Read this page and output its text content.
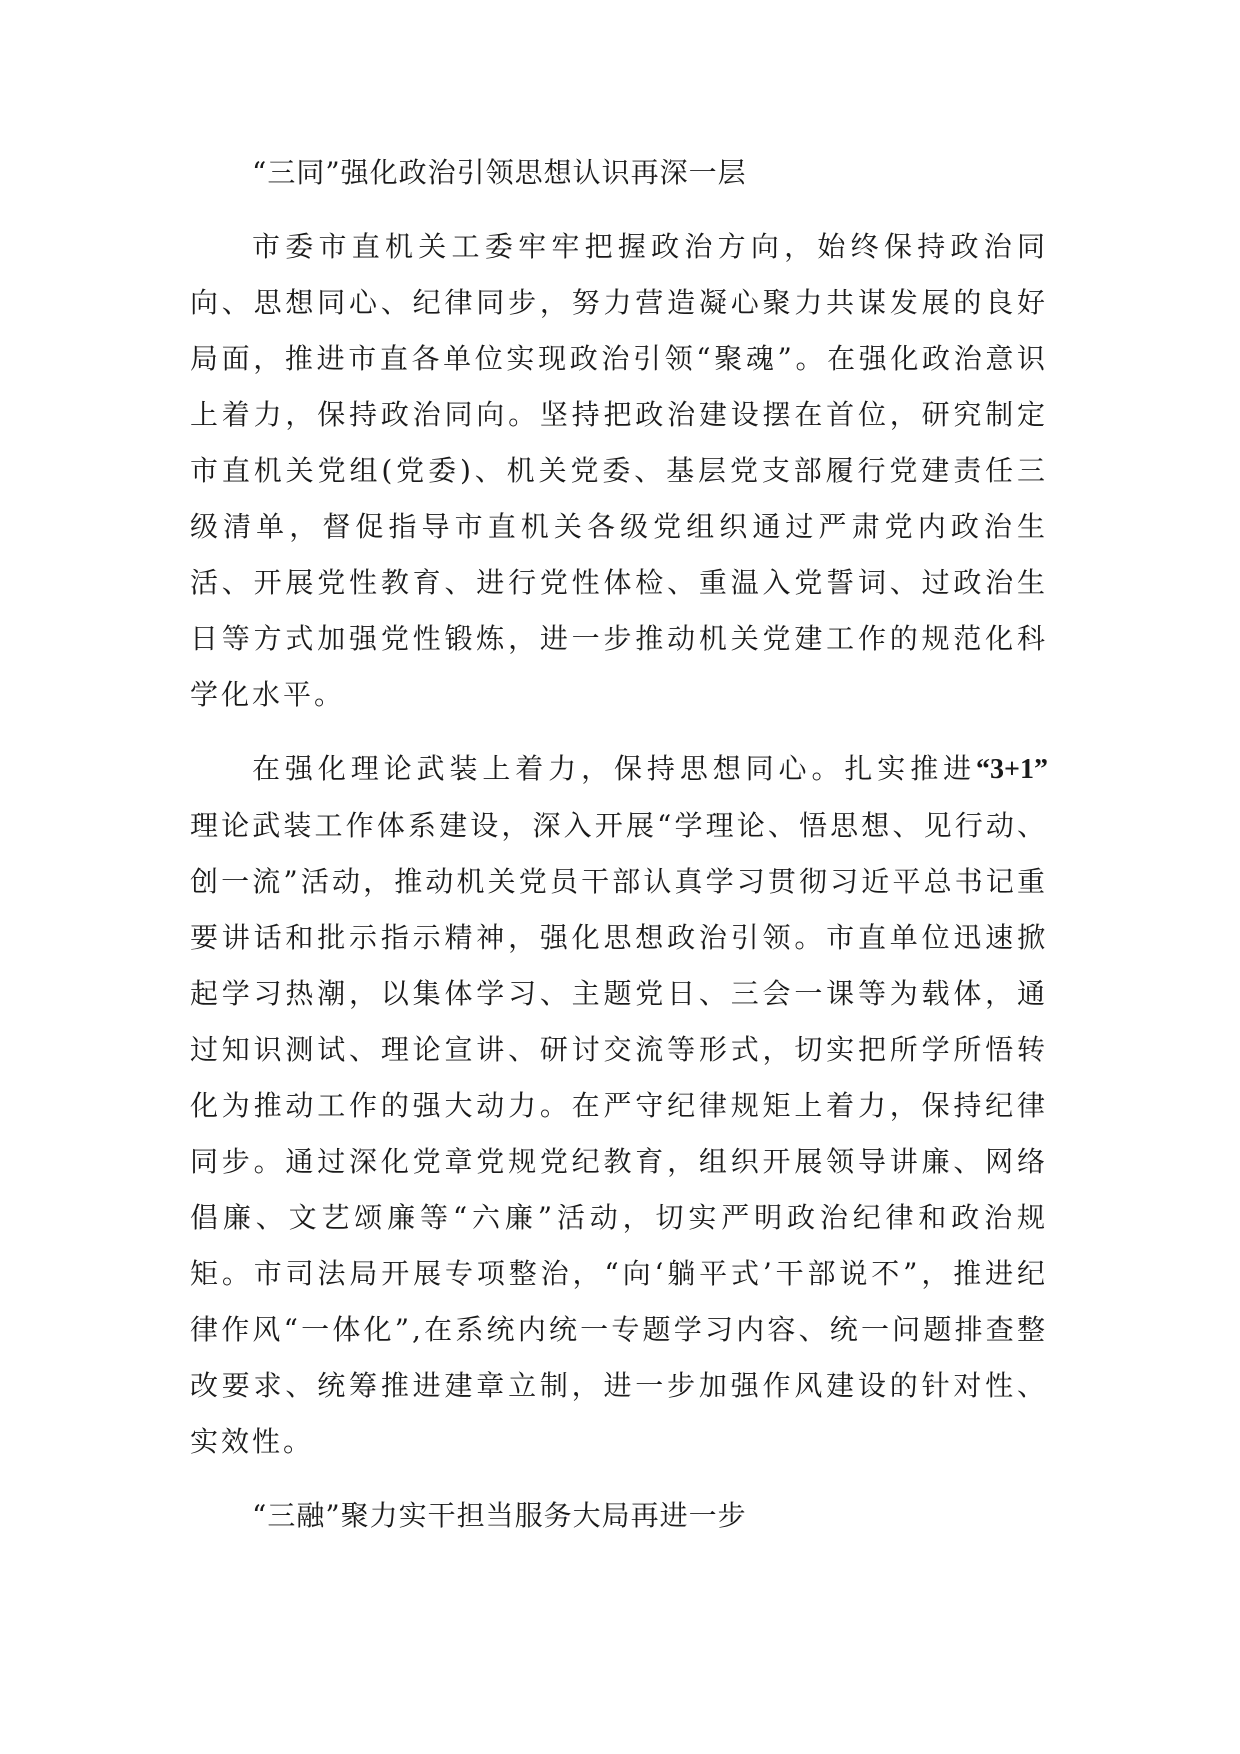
“三同”强化政治引领思想认识再深一层

市委市直机关工委牢牢把握政治方向，始终保持政治同向、思想同心、纪律同步，努力营造凝心聚力共谋发展的良好局面，推进市直各单位实现政治引领“聚魂”。在强化政治意识上着力，保持政治同向。坚持把政治建设摆在首位，研究制定市直机关党组(党委)、机关党委、基层党支部履行党建责任三级清单，督促指导市直机关各级党组织通过严肃党内政治生活、开展党性教育、进行党性体检、重温入党誓词、过政治生日等方式加强党性锻炼，进一步推动机关党建工作的规范化科学化水平。

在强化理论武装上着力，保持思想同心。扎实推进“3+1” 理论武装工作体系建设，深入开展“学理论、悟思想、见行动、创一流”活动，推动机关党员干部认真学习贯彻习近平总书记重要讲话和批示指示精神，强化思想政治引领。市直单位迅速掀起学习热潮，以集体学习、主题党日、三会一课等为载体，通过知识测试、理论宣讲、研讨交流等形式，切实把所学所悟转化为推动工作的强大动力。在严守纪律规矩上着力，保持纪律同步。通过深化党章党规党纪教育，组织开展领导讲廉、网络倡廉、文艺颂廉等“六廉”活动，切实严明政治纪律和政治规矩。市司法局开展专项整治，“向‘躺平式’干部说不”，推进纪律作风“一体化”,在系统内统一专题学习内容、统一问题排查整改要求、统筹推进建章立制，进一步加强作风建设的针对性、实效性。

“三融”聚力实干担当服务大局再进一步
